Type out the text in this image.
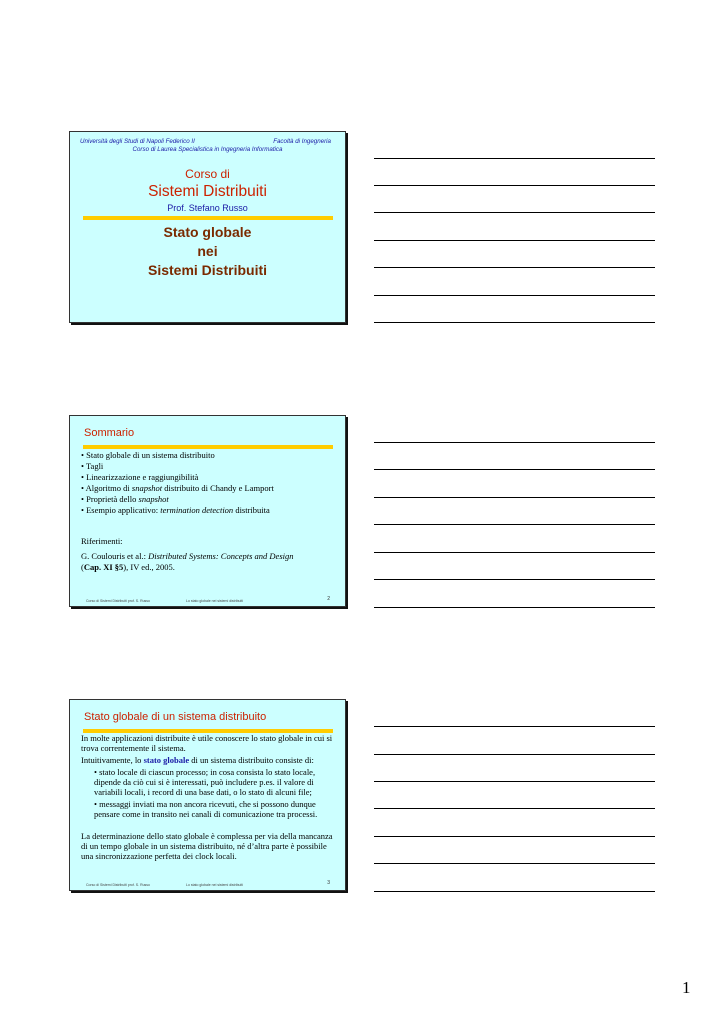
Università degli Studi di Napoli Federico II	Facoltà di Ingegneria
Corso di Laurea Specialistica in Ingegneria Informatica
Corso di
Sistemi Distribuiti
Prof. Stefano Russo
Stato globale
nei
Sistemi Distribuiti
Sommario

• Stato globale di un sistema distribuito

• Tagli

• Linearizzazione e raggiungibilità

• Algoritmo di snapshot distribuito di Chandy e Lamport

• Proprietà dello snapshot

• Esempio applicativo: termination detection distribuita

Riferimenti:

G. Coulouris et al.: Distributed Systems: Concepts and Design
(Cap. XI §5), IV ed., 2005.

Corso di Sistemi Distribuiti prof. S. Russo	Lo stato globale nei sistemi distribuiti	2
Stato globale di un sistema distribuito

In molte applicazioni distribuite è utile conoscere lo stato globale in cui si trova correntemente il sistema.

Intuitivamente, lo stato globale di un sistema distribuito consiste di:

• stato locale di ciascun processo; in cosa consista lo stato locale, dipende da ciò cui si è interessati, può includere p.es. il valore di variabili locali, i record di una base dati, o lo stato di alcuni file;

• messaggi inviati ma non ancora ricevuti, che si possono dunque pensare come in transito nei canali di comunicazione tra processi.

La determinazione dello stato globale è complessa per via della mancanza di un tempo globale in un sistema distribuito, né d’altra parte è possibile una sincronizzazione perfetta dei clock locali.

Corso di Sistemi Distribuiti prof. S. Russo	Lo stato globale nei sistemi distribuiti	3
1
